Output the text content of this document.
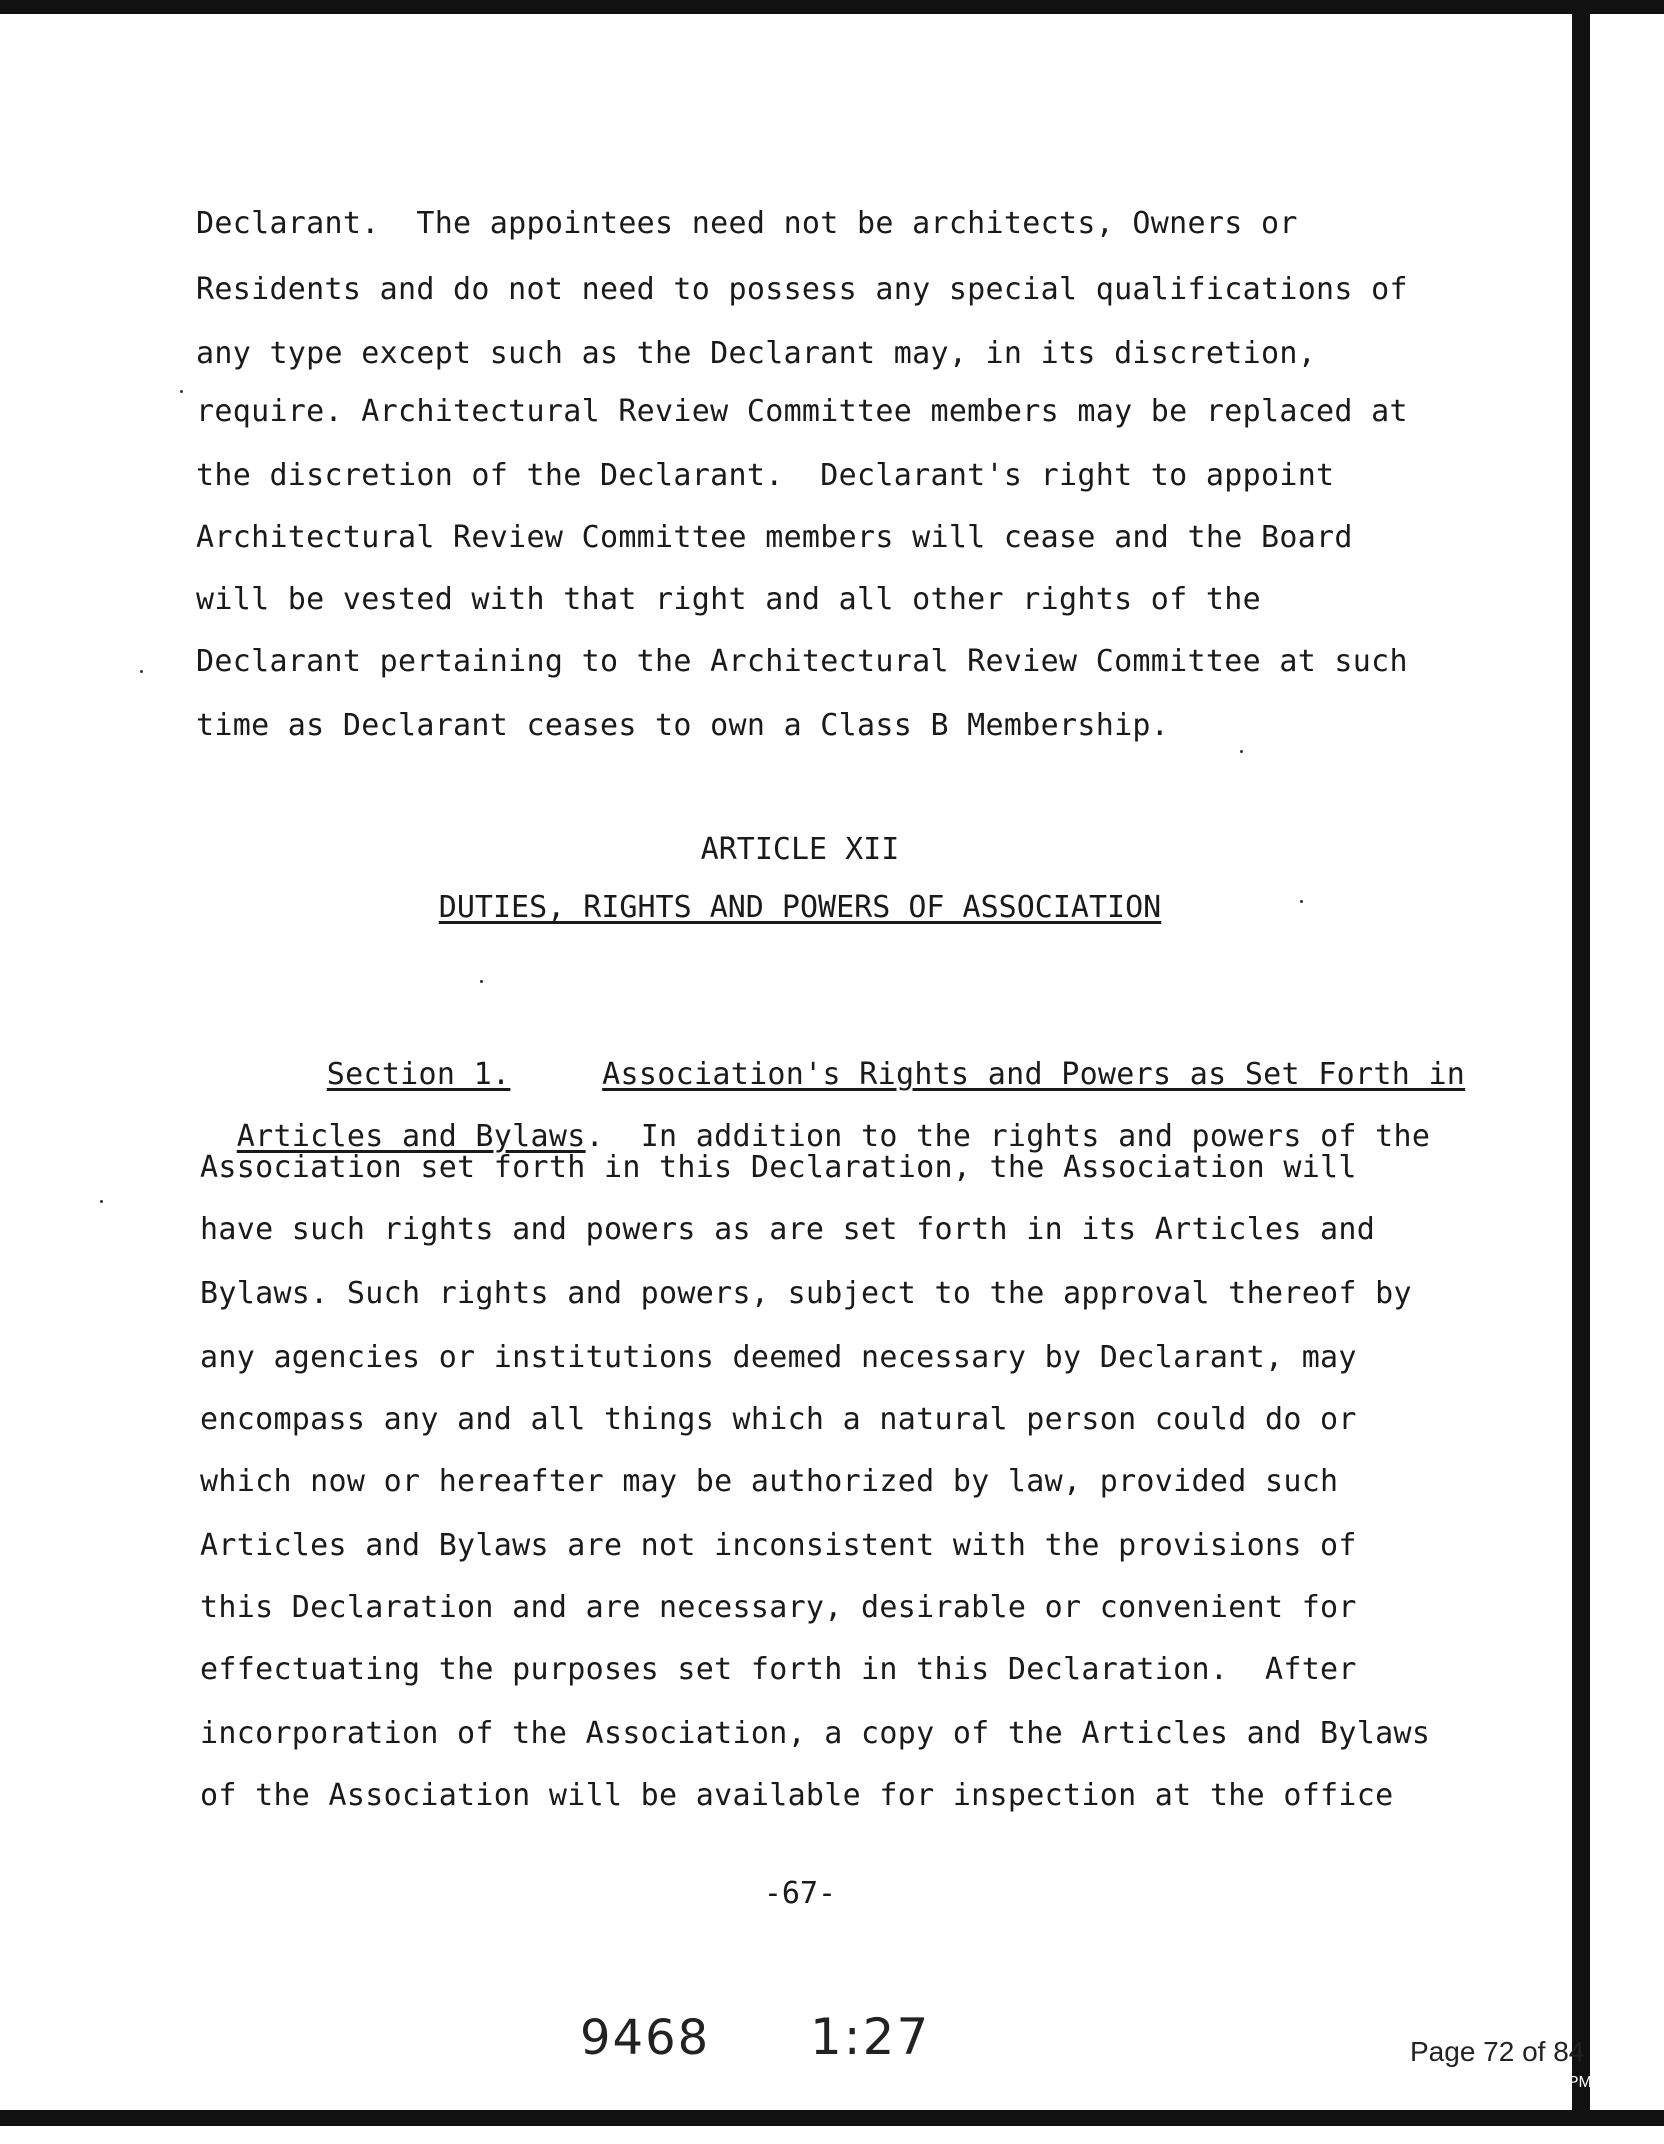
Declarant.  The appointees need not be architects, Owners or
Residents and do not need to possess any special qualifications of
any type except such as the Declarant may, in its discretion,
require. Architectural Review Committee members may be replaced at
the discretion of the Declarant.  Declarant's right to appoint
Architectural Review Committee members will cease and the Board
will be vested with that right and all other rights of the
Declarant pertaining to the Architectural Review Committee at such
time as Declarant ceases to own a Class B Membership.
ARTICLE XII
DUTIES, RIGHTS AND POWERS OF ASSOCIATION

Section 1.	Association's Rights and Powers as Set Forth in

Articles and Bylaws.  In addition to the rights and powers of the

Association set forth in this Declaration, the Association will
have such rights and powers as are set forth in its Articles and
Bylaws. Such rights and powers, subject to the approval thereof by
any agencies or institutions deemed necessary by Declarant, may
encompass any and all things which a natural person could do or
which now or hereafter may be authorized by law, provided such
Articles and Bylaws are not inconsistent with the provisions of
this Declaration and are necessary, desirable or convenient for
effectuating the purposes set forth in this Declaration.  After
incorporation of the Association, a copy of the Articles and Bylaws
of the Association will be available for inspection at the office
-67-
9468 1:27	Page 72 of 84
06/20/2011 12:14 PM
